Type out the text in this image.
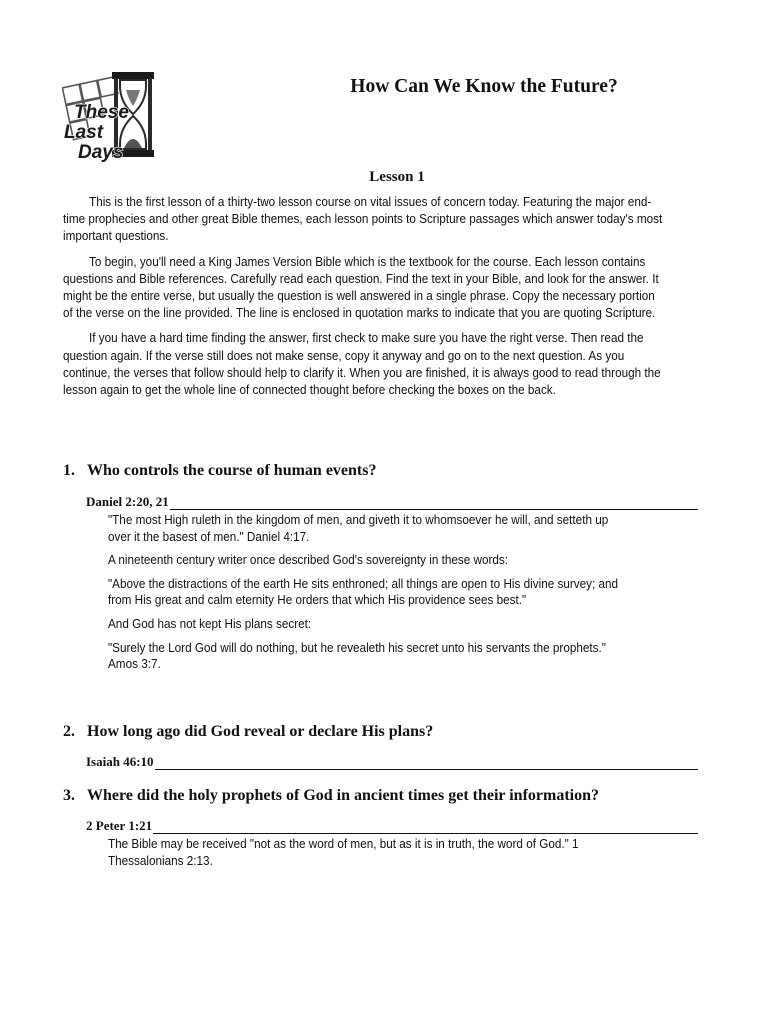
These
Last
Days
How Can We Know the Future?
Lesson 1

This is the first lesson of a thirty-two lesson course on vital issues of concern today. Featuring the major end-time prophecies and other great Bible themes, each lesson points to Scripture passages which answer today's most important questions.

To begin, you'll need a King James Version Bible which is the textbook for the course. Each lesson contains questions and Bible references. Carefully read each question. Find the text in your Bible, and look for the answer. It might be the entire verse, but usually the question is well answered in a single phrase. Copy the necessary portion of the verse on the line provided. The line is enclosed in quotation marks to indicate that you are quoting Scripture.

If you have a hard time finding the answer, first check to make sure you have the right verse. Then read the question again. If the verse still does not make sense, copy it anyway and go on to the next question. As you continue, the verses that follow should help to clarify it. When you are finished, it is always good to read through the lesson again to get the whole line of connected thought before checking the boxes on the back.

1. Who controls the course of human events?
Daniel 2:20, 21

"The most High ruleth in the kingdom of men, and giveth it to whomsoever he will, and setteth up over it the basest of men." Daniel 4:17.

A nineteenth century writer once described God's sovereignty in these words:

"Above the distractions of the earth He sits enthroned; all things are open to His divine survey; and from His great and calm eternity He orders that which His providence sees best."

And God has not kept His plans secret:

"Surely the Lord God will do nothing, but he revealeth his secret unto his servants the prophets." Amos 3:7.

2. How long ago did God reveal or declare His plans?
Isaiah 46:10
3. Where did the holy prophets of God in ancient times get their information?
2 Peter 1:21

The Bible may be received "not as the word of men, but as it is in truth, the word of God." 1 Thessalonians 2:13.
